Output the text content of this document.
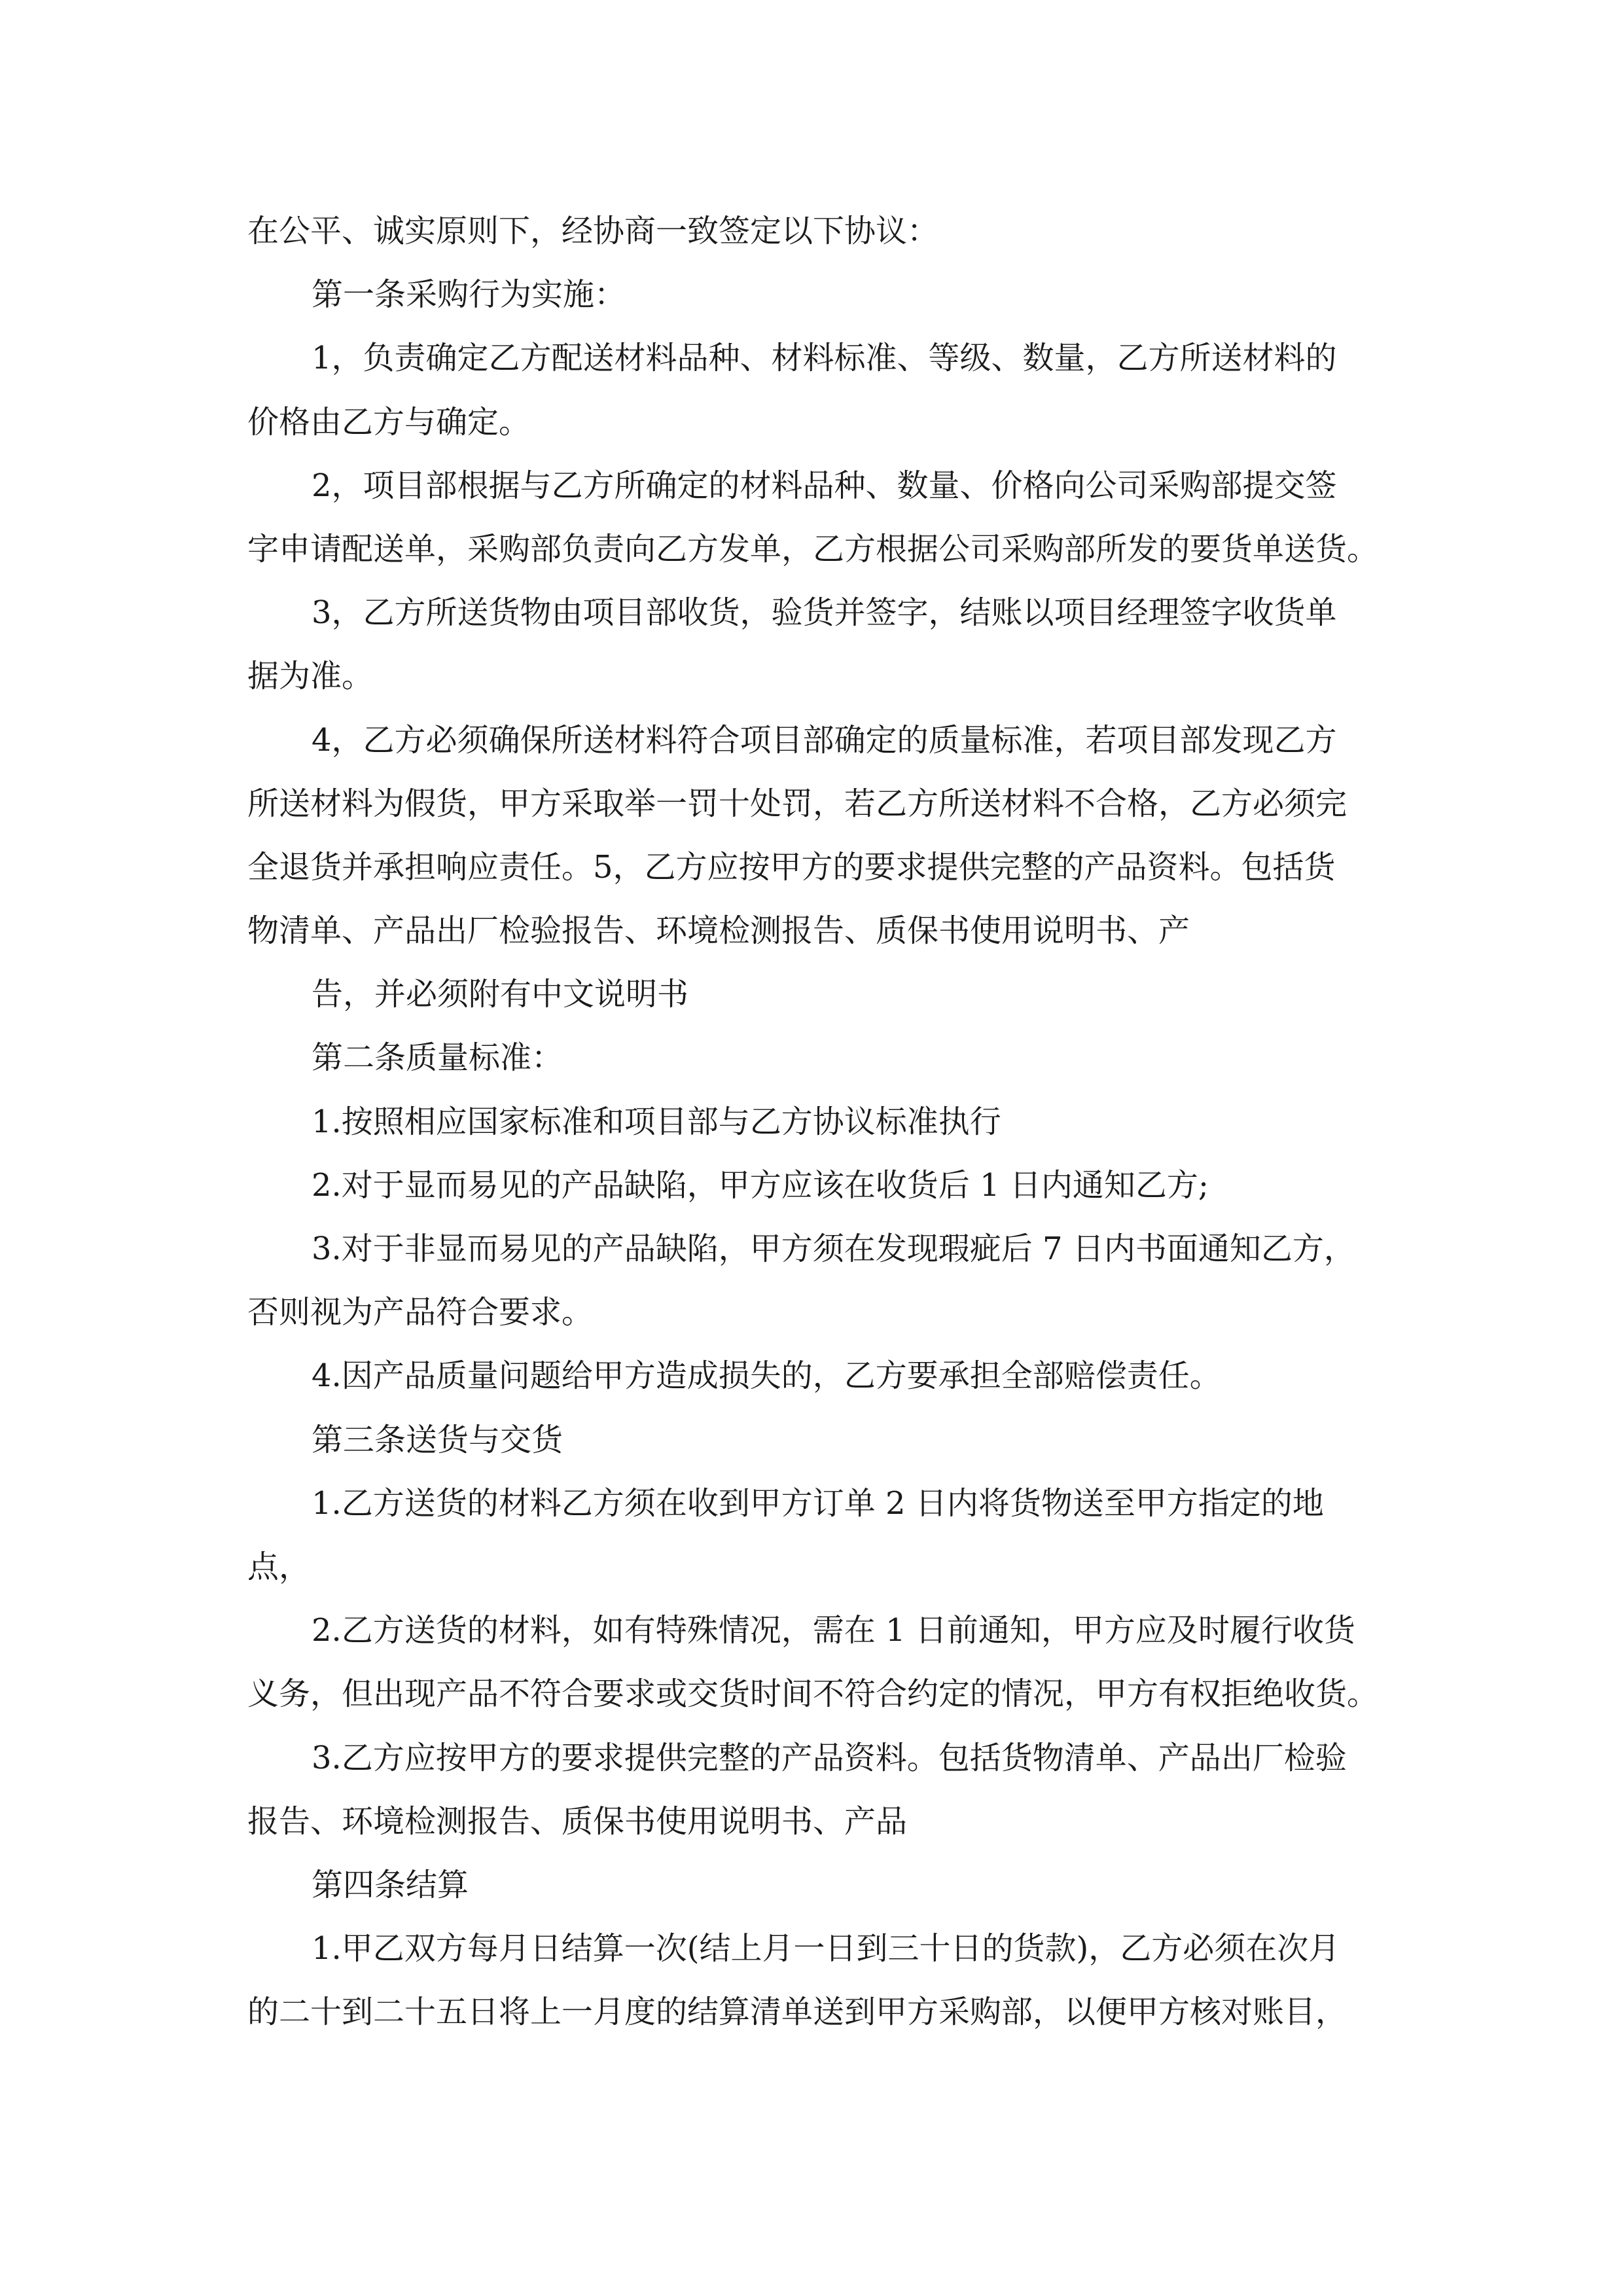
在公平、诚实原则下，经协商一致签定以下协议：
第一条采购行为实施：
1，负责确定乙方配送材料品种、材料标准、等级、数量，乙方所送材料的
价格由乙方与确定。
2，项目部根据与乙方所确定的材料品种、数量、价格向公司采购部提交签
字申请配送单，采购部负责向乙方发单，乙方根据公司采购部所发的要货单送货。
3，乙方所送货物由项目部收货，验货并签字，结账以项目经理签字收货单
据为准。
4，乙方必须确保所送材料符合项目部确定的质量标准，若项目部发现乙方
所送材料为假货，甲方采取举一罚十处罚，若乙方所送材料不合格，乙方必须完
全退货并承担响应责任。5，乙方应按甲方的要求提供完整的产品资料。包括货
物清单、产品出厂检验报告、环境检测报告、质保书使用说明书、产
告，并必须附有中文说明书
第二条质量标准：
1.按照相应国家标准和项目部与乙方协议标准执行
2.对于显而易见的产品缺陷，甲方应该在收货后 1 日内通知乙方;
3.对于非显而易见的产品缺陷，甲方须在发现瑕疵后 7 日内书面通知乙方，
否则视为产品符合要求。
4.因产品质量问题给甲方造成损失的，乙方要承担全部赔偿责任。
第三条送货与交货
1.乙方送货的材料乙方须在收到甲方订单 2 日内将货物送至甲方指定的地
点，
2.乙方送货的材料，如有特殊情况，需在 1 日前通知，甲方应及时履行收货
义务，但出现产品不符合要求或交货时间不符合约定的情况，甲方有权拒绝收货。
3.乙方应按甲方的要求提供完整的产品资料。包括货物清单、产品出厂检验
报告、环境检测报告、质保书使用说明书、产品
第四条结算
1.甲乙双方每月日结算一次(结上月一日到三十日的货款)，乙方必须在次月
的二十到二十五日将上一月度的结算清单送到甲方采购部，以便甲方核对账目，
